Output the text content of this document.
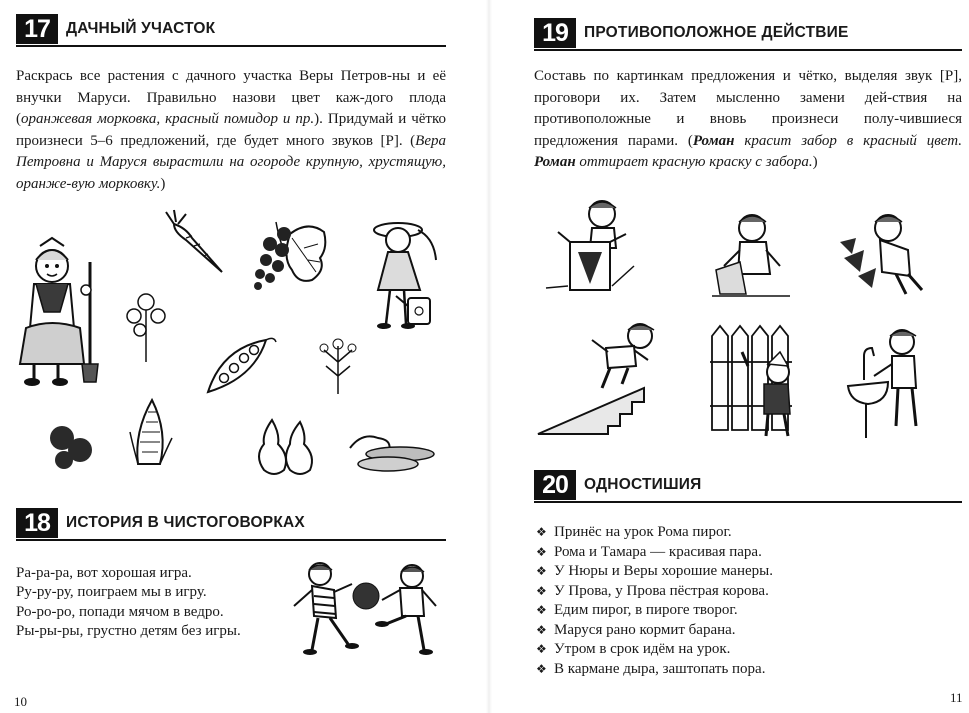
17	ДАЧНЫЙ УЧАСТОК
Раскрась все растения с дачного участка Веры Петров-ны и её внучки Маруси. Правильно назови цвет каж-дого плода (оранжевая морковка, красный помидор и пр.). Придумай и чётко произнеси 5–6 предложений, где будет много звуков [Р]. (Вера Петровна и Маруся вырастили на огороде крупную, хрустящую, оранже-вую морковку.)
18	ИСТОРИЯ В ЧИСТОГОВОРКАХ
Ра-ра-ра, вот хорошая игра.
Ру-ру-ру, поиграем мы в игру.
Ро-ро-ро, попади мячом в ведро.
Ры-ры-ры, грустно детям без игры.
10
19	ПРОТИВОПОЛОЖНОЕ ДЕЙСТВИЕ
Составь по картинкам предложения и чётко, выделяя звук [Р], проговори их. Затем мысленно замени дей-ствия на противоположные и вновь произнеси полу-чившиеся предложения парами. (Роман красит забор в красный цвет. Роман оттирает красную краску с забора.)
20	ОДНОСТИШИЯ
❖ Принёс на урок Рома пирог.
❖ Рома и Тамара — красивая пара.
❖ У Нюры и Веры хорошие манеры.
❖ У Прова, у Прова пёстрая корова.
❖ Едим пирог, в пироге творог.
❖ Маруся рано кормит барана.
❖ Утром в срок идём на урок.
❖ В кармане дыра, заштопать пора.
11
